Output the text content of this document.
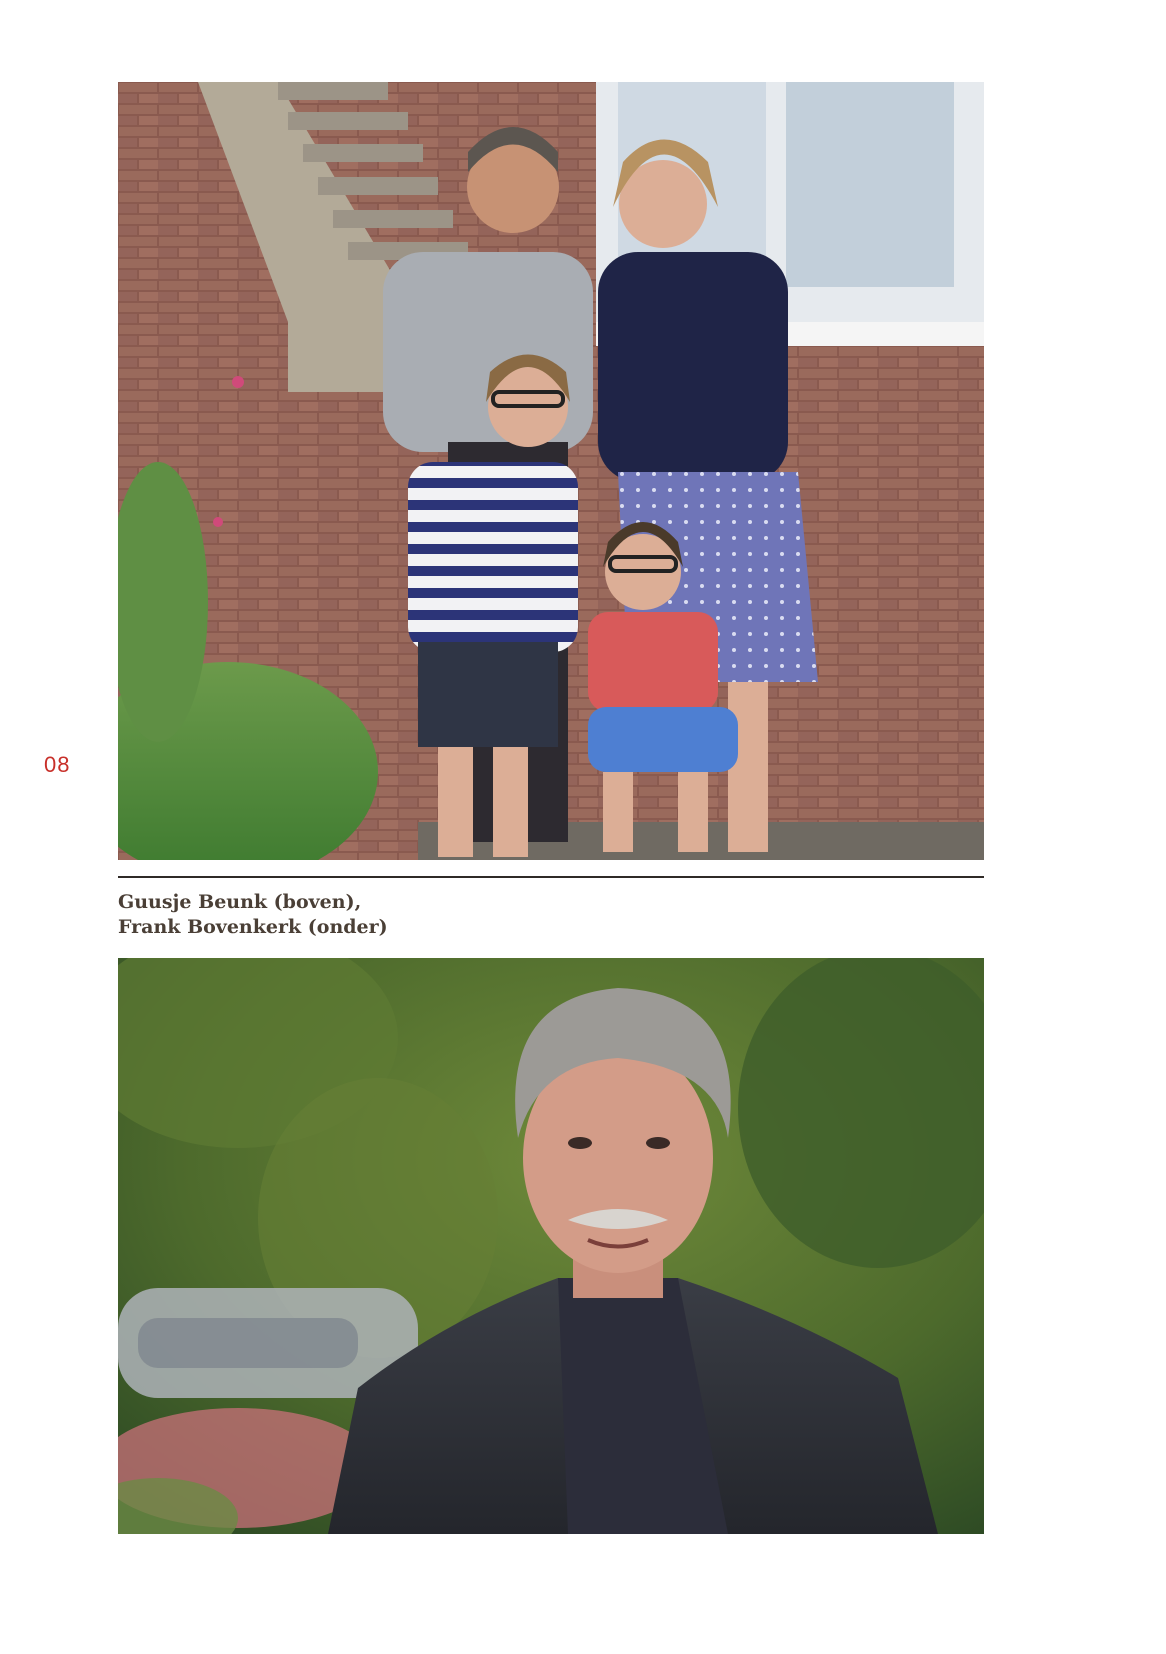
08
Guusje Beunk (boven),
Frank Bovenkerk (onder)
